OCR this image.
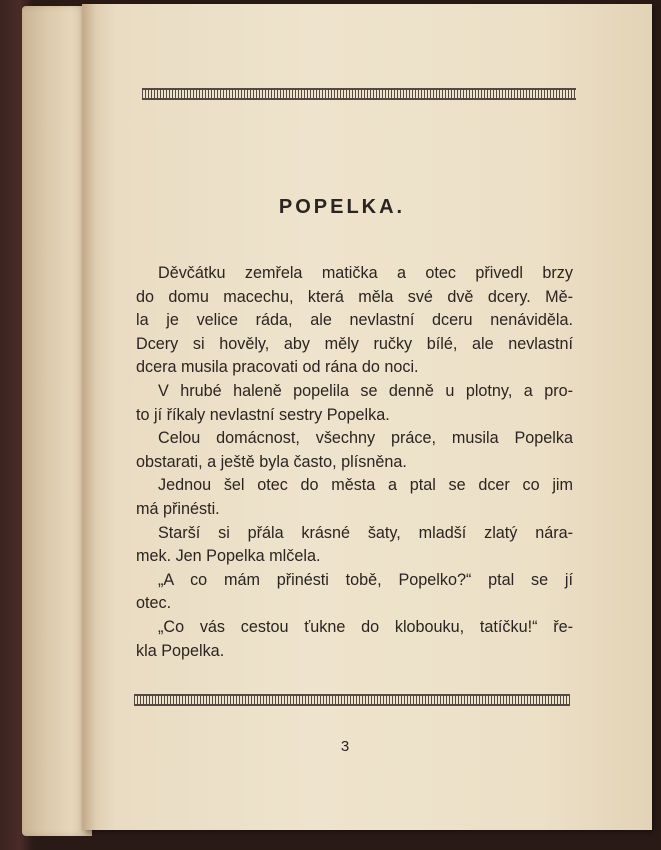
POPELKA.
Děvčátku zemřela matička a otec přivedl brzy
do domu macechu, která měla své dvě dcery. Mě-
la je velice ráda, ale nevlastní dceru nenáviděla.
Dcery si hověly, aby měly ručky bílé, ale nevlastní
dcera musila pracovati od rána do noci.
V hrubé haleně popelila se denně u plotny, a pro-
to jí říkaly nevlastní sestry Popelka.
Celou domácnost, všechny práce, musila Popelka
obstarati, a ještě byla často, plísněna.
Jednou šel otec do města a ptal se dcer co jim
má přinésti.
Starší si přála krásné šaty, mladší zlatý nára-
mek. Jen Popelka mlčela.
„A co mám přinésti tobě, Popelko?“ ptal se jí
otec.
„Co vás cestou ťukne do klobouku, tatíčku!“ ře-
kla Popelka.
3
